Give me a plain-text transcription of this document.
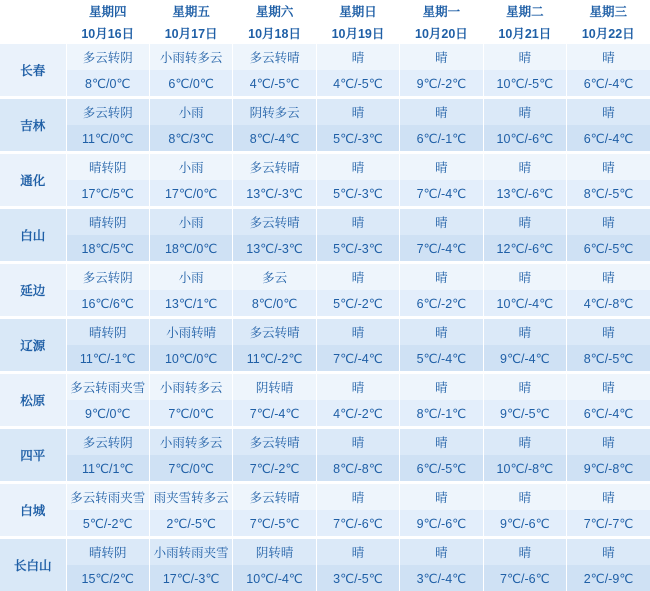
	星期四	星期五	星期六	星期日	星期一	星期二	星期三
	10月16日	10月17日	10月18日	10月19日	10月20日	10月21日	10月22日
长春	多云转阴	小雨转多云	多云转晴	晴	晴	晴	晴
	8℃/0℃	6℃/0℃	4℃/-5℃	4℃/-5℃	9℃/-2℃	10℃/-5℃	6℃/-4℃

吉林	多云转阴	小雨	阴转多云	晴	晴	晴	晴
	11℃/0℃	8℃/3℃	8℃/-4℃	5℃/-3℃	6℃/-1℃	10℃/-6℃	6℃/-4℃

通化	晴转阴	小雨	多云转晴	晴	晴	晴	晴
	17℃/5℃	17℃/0℃	13℃/-3℃	5℃/-3℃	7℃/-4℃	13℃/-6℃	8℃/-5℃

白山	晴转阴	小雨	多云转晴	晴	晴	晴	晴
	18℃/5℃	18℃/0℃	13℃/-3℃	5℃/-3℃	7℃/-4℃	12℃/-6℃	6℃/-5℃

延边	多云转阴	小雨	多云	晴	晴	晴	晴
	16℃/6℃	13℃/1℃	8℃/0℃	5℃/-2℃	6℃/-2℃	10℃/-4℃	4℃/-8℃

辽源	晴转阴	小雨转晴	多云转晴	晴	晴	晴	晴
	11℃/-1℃	10℃/0℃	11℃/-2℃	7℃/-4℃	5℃/-4℃	9℃/-4℃	8℃/-5℃

松原	多云转雨夹雪	小雨转多云	阴转晴	晴	晴	晴	晴
	9℃/0℃	7℃/0℃	7℃/-4℃	4℃/-2℃	8℃/-1℃	9℃/-5℃	6℃/-4℃

四平	多云转阴	小雨转多云	多云转晴	晴	晴	晴	晴
	11℃/1℃	7℃/0℃	7℃/-2℃	8℃/-8℃	6℃/-5℃	10℃/-8℃	9℃/-8℃

白城	多云转雨夹雪	雨夹雪转多云	多云转晴	晴	晴	晴	晴
	5℃/-2℃	2℃/-5℃	7℃/-5℃	7℃/-6℃	9℃/-6℃	9℃/-6℃	7℃/-7℃

长白山	晴转阴	小雨转雨夹雪	阴转晴	晴	晴	晴	晴
	15℃/2℃	17℃/-3℃	10℃/-4℃	3℃/-5℃	3℃/-4℃	7℃/-6℃	2℃/-9℃
